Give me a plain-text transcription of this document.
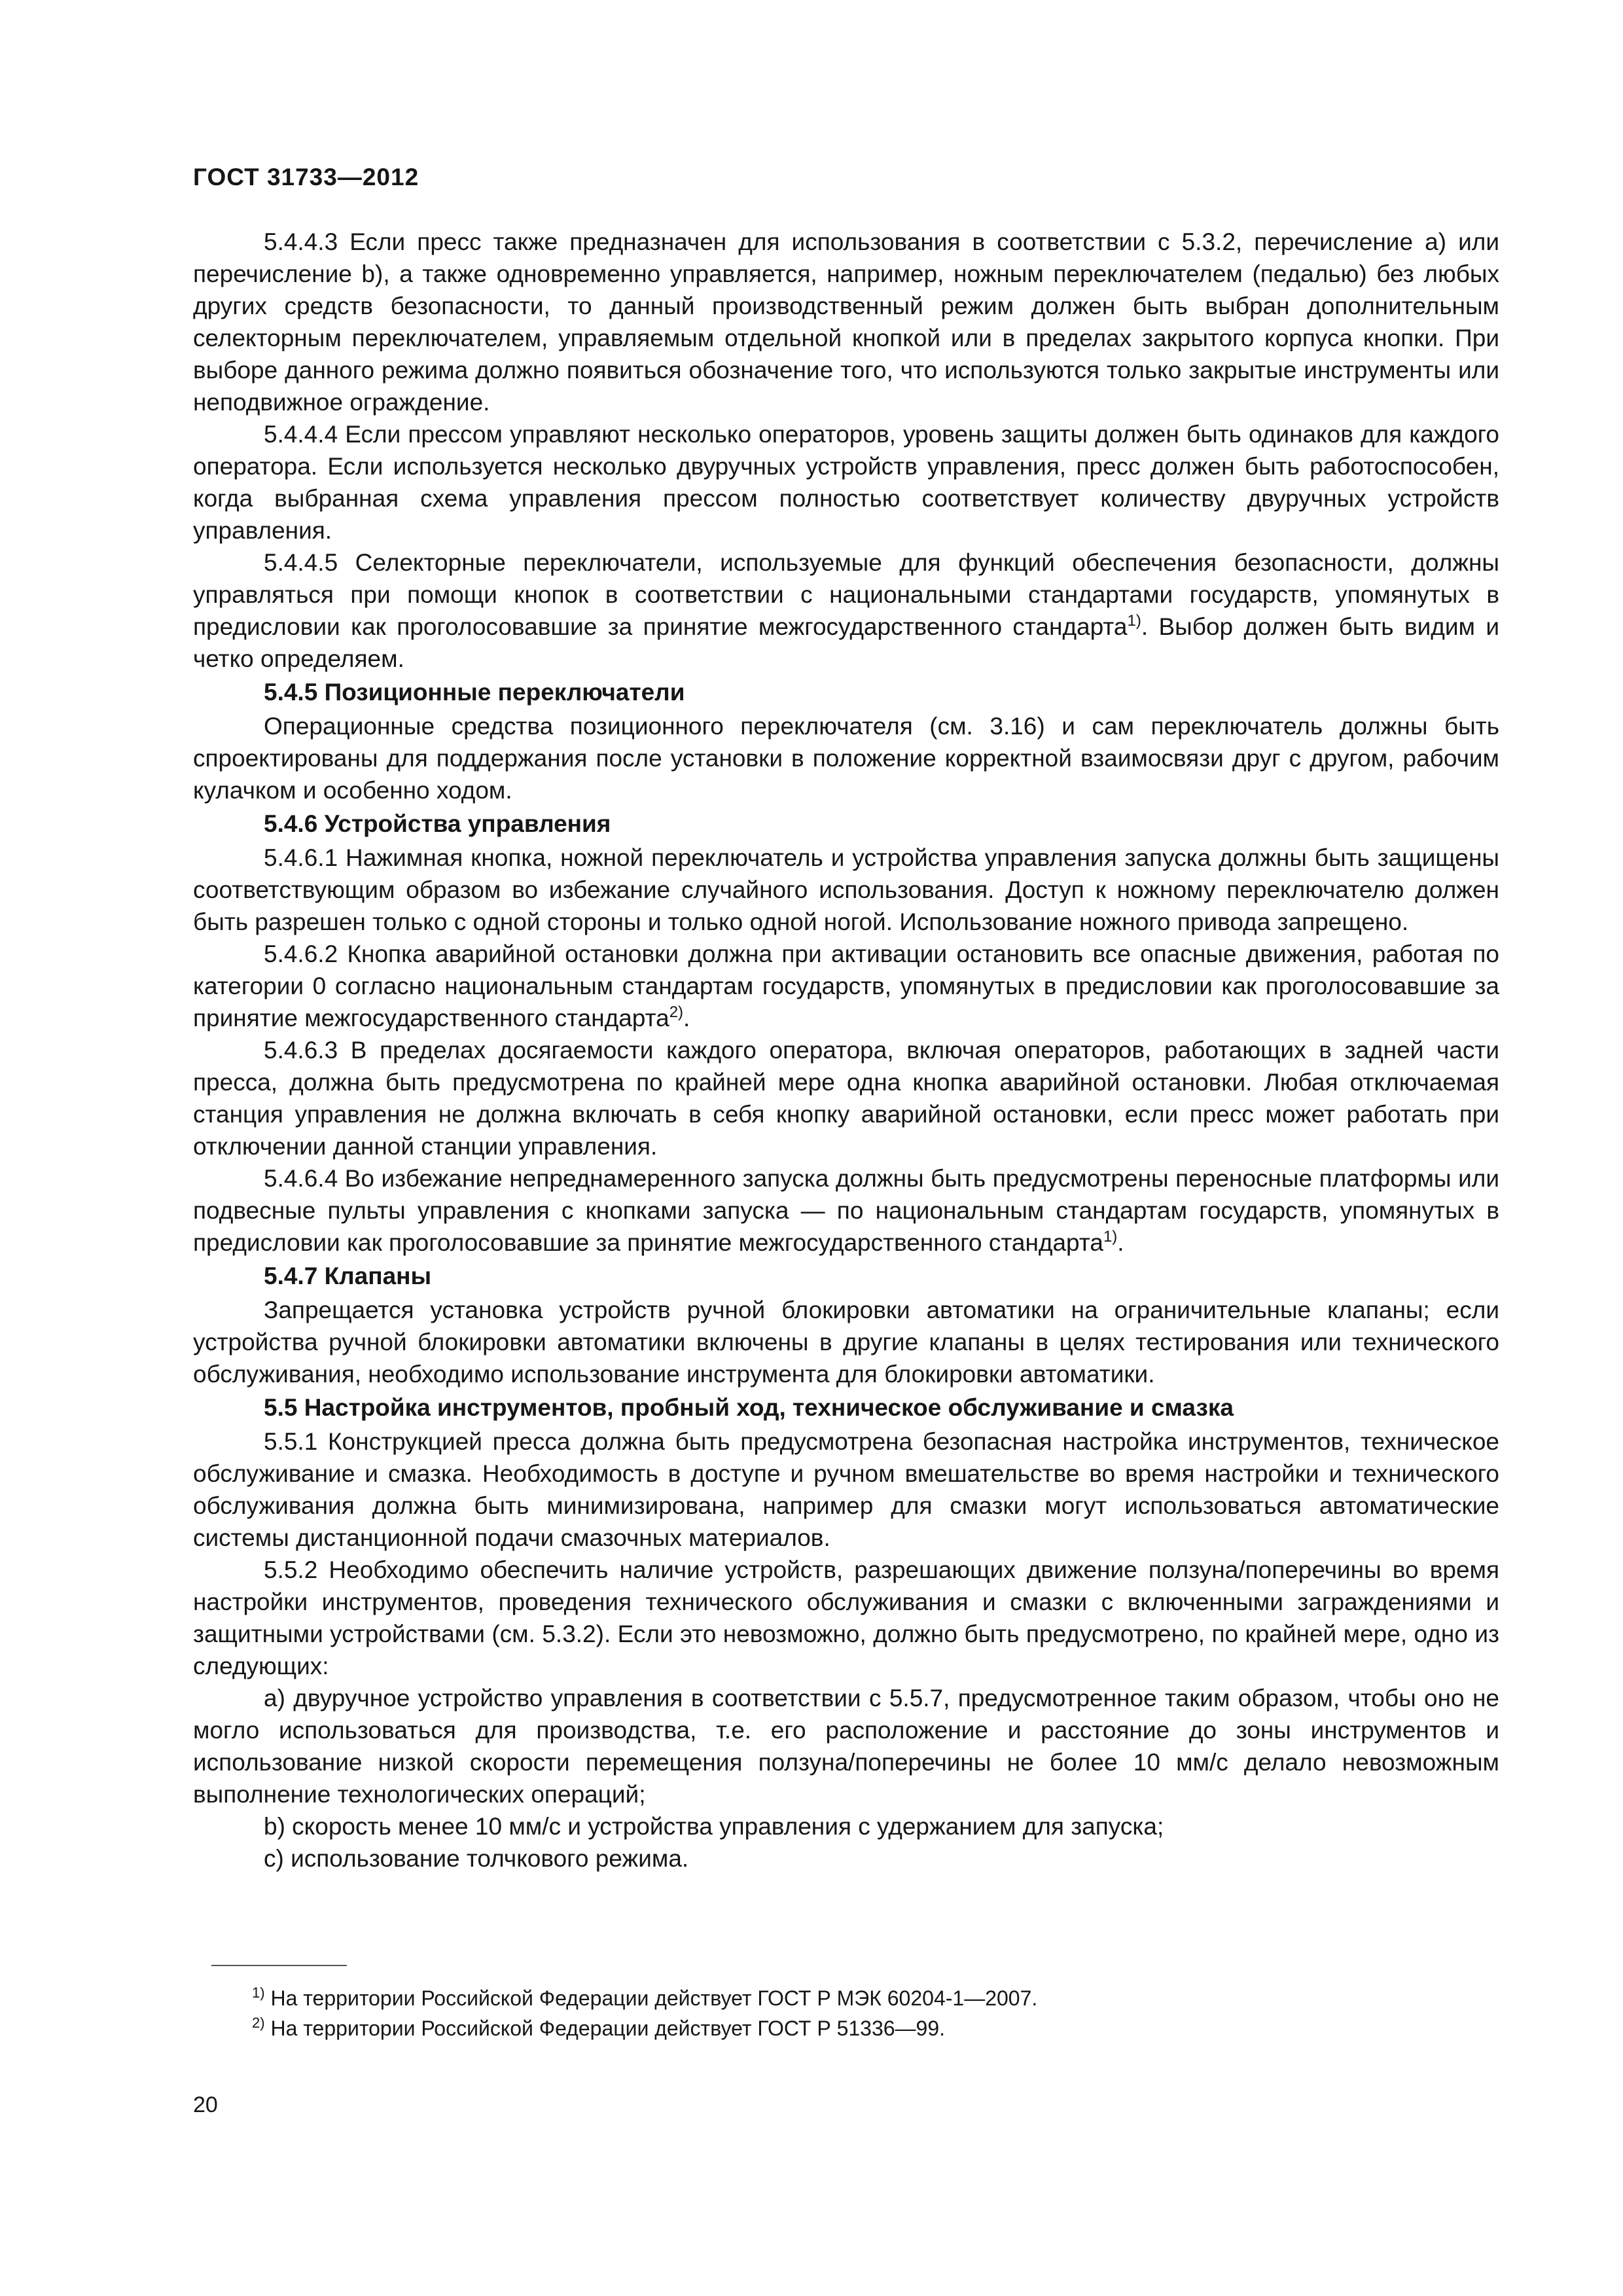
ГОСТ 31733—2012

5.4.4.3 Если пресс также предназначен для использования в соответствии с 5.3.2, перечисление a) или перечисление b), а также одновременно управляется, например, ножным переключателем (педалью) без любых других средств безопасности, то данный производственный режим должен быть выбран дополнительным селекторным переключателем, управляемым отдельной кнопкой или в пределах закрытого корпуса кнопки. При выборе данного режима должно появиться обозначение того, что используются только закрытые инструменты или неподвижное ограждение.

5.4.4.4 Если прессом управляют несколько операторов, уровень защиты должен быть одинаков для каждого оператора. Если используется несколько двуручных устройств управления, пресс должен быть работоспособен, когда выбранная схема управления прессом полностью соответствует количеству двуручных устройств управления.

5.4.4.5 Селекторные переключатели, используемые для функций обеспечения безопасности, должны управляться при помощи кнопок в соответствии с национальными стандартами государств, упомянутых в предисловии как проголосовавшие за принятие межгосударственного стандарта$^{1)}$. Выбор должен быть видим и четко определяем.

5.4.5 Позиционные переключатели

Операционные средства позиционного переключателя (см. 3.16) и сам переключатель должны быть спроектированы для поддержания после установки в положение корректной взаимосвязи друг с другом, рабочим кулачком и особенно ходом.

5.4.6 Устройства управления

5.4.6.1 Нажимная кнопка, ножной переключатель и устройства управления запуска должны быть защищены соответствующим образом во избежание случайного использования. Доступ к ножному переключателю должен быть разрешен только с одной стороны и только одной ногой. Использование ножного привода запрещено.

5.4.6.2 Кнопка аварийной остановки должна при активации остановить все опасные движения, работая по категории 0 согласно национальным стандартам государств, упомянутых в предисловии как проголосовавшие за принятие межгосударственного стандарта$^{2)}$.

5.4.6.3 В пределах досягаемости каждого оператора, включая операторов, работающих в задней части пресса, должна быть предусмотрена по крайней мере одна кнопка аварийной остановки. Любая отключаемая станция управления не должна включать в себя кнопку аварийной остановки, если пресс может работать при отключении данной станции управления.

5.4.6.4 Во избежание непреднамеренного запуска должны быть предусмотрены переносные платформы или подвесные пульты управления с кнопками запуска — по национальным стандартам государств, упомянутых в предисловии как проголосовавшие за принятие межгосударственного стандарта$^{1)}$.

5.4.7 Клапаны

Запрещается установка устройств ручной блокировки автоматики на ограничительные клапаны; если устройства ручной блокировки автоматики включены в другие клапаны в целях тестирования или технического обслуживания, необходимо использование инструмента для блокировки автоматики.

5.5 Настройка инструментов, пробный ход, техническое обслуживание и смазка

5.5.1 Конструкцией пресса должна быть предусмотрена безопасная настройка инструментов, техническое обслуживание и смазка. Необходимость в доступе и ручном вмешательстве во время настройки и технического обслуживания должна быть минимизирована, например для смазки могут использоваться автоматические системы дистанционной подачи смазочных материалов.

5.5.2 Необходимо обеспечить наличие устройств, разрешающих движение ползуна/поперечины во время настройки инструментов, проведения технического обслуживания и смазки с включенными заграждениями и защитными устройствами (см. 5.3.2). Если это невозможно, должно быть предусмотрено, по крайней мере, одно из следующих:

a) двуручное устройство управления в соответствии с 5.5.7, предусмотренное таким образом, чтобы оно не могло использоваться для производства, т.е. его расположение и расстояние до зоны инструментов и использование низкой скорости перемещения ползуна/поперечины не более 10 мм/с делало невозможным выполнение технологических операций;

b) скорость менее 10 мм/с и устройства управления с удержанием для запуска;

c) использование толчкового режима.

$^{1)}$ На территории Российской Федерации действует ГОСТ Р МЭК 60204-1—2007.

$^{2)}$ На территории Российской Федерации действует ГОСТ Р 51336—99.

20
